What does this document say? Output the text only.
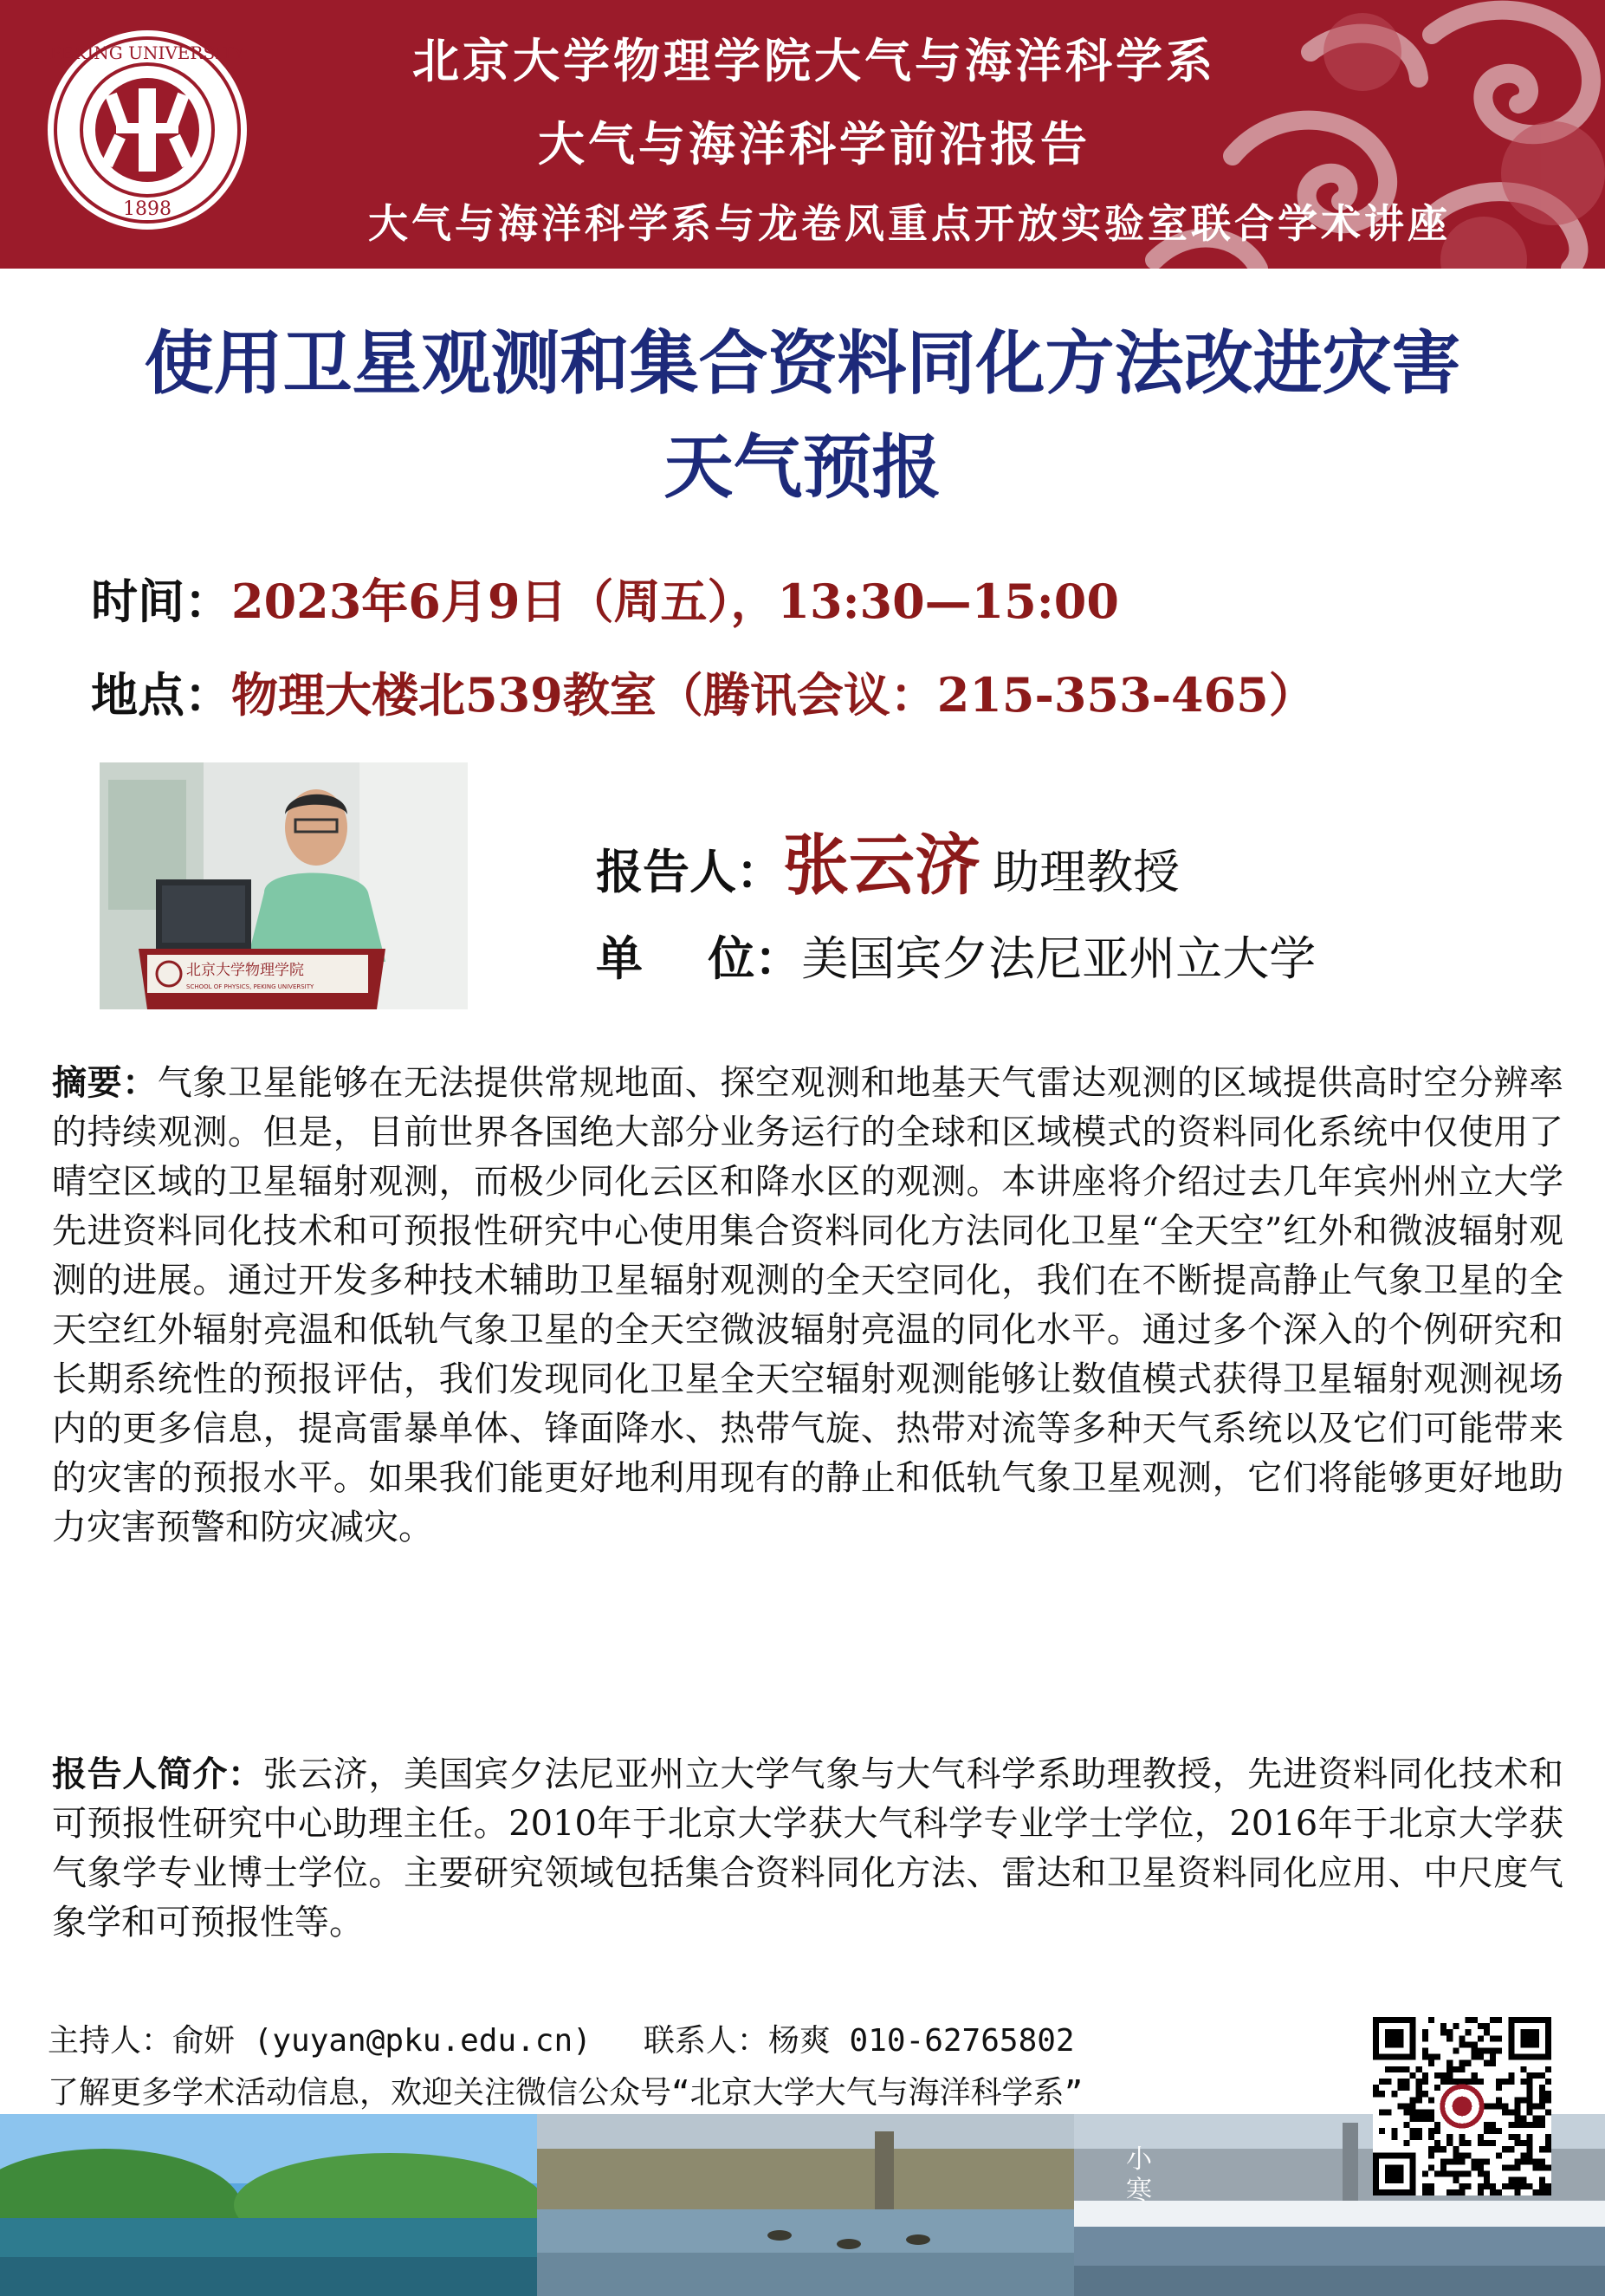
PEKING UNIVERSITY
1898
北京大学物理学院大气与海洋科学系
大气与海洋科学前沿报告
大气与海洋科学系与龙卷风重点开放实验室联合学术讲座
使用卫星观测和集合资料同化方法改进灾害
天气预报
时间：2023年6月9日（周五），13:30—15:00
地点：物理大楼北539教室（腾讯会议：215-353-465）
北京大学物理学院
SCHOOL OF PHYSICS, PEKING UNIVERSITY
报告人：张云济 助理教授
单    位：美国宾夕法尼亚州立大学
摘要：气象卫星能够在无法提供常规地面、探空观测和地基天气雷达观测的区域提供高时空分辨率的持续观测。但是，目前世界各国绝大部分业务运行的全球和区域模式的资料同化系统中仅使用了晴空区域的卫星辐射观测，而极少同化云区和降水区的观测。本讲座将介绍过去几年宾州州立大学先进资料同化技术和可预报性研究中心使用集合资料同化方法同化卫星“全天空”红外和微波辐射观测的进展。通过开发多种技术辅助卫星辐射观测的全天空同化，我们在不断提高静止气象卫星的全天空红外辐射亮温和低轨气象卫星的全天空微波辐射亮温的同化水平。通过多个深入的个例研究和长期系统性的预报评估，我们发现同化卫星全天空辐射观测能够让数值模式获得卫星辐射观测视场内的更多信息，提高雷暴单体、锋面降水、热带气旋、热带对流等多种天气系统以及它们可能带来的灾害的预报水平。如果我们能更好地利用现有的静止和低轨气象卫星观测，它们将能够更好地助力灾害预警和防灾减灾。
报告人简介：张云济，美国宾夕法尼亚州立大学气象与大气科学系助理教授，先进资料同化技术和可预报性研究中心助理主任。2010年于北京大学获大气科学专业学士学位，2016年于北京大学获气象学专业博士学位。主要研究领域包括集合资料同化方法、雷达和卫星资料同化应用、中尺度气象学和可预报性等。
主持人：俞妍 (yuyan@pku.edu.cn) 联系人：杨爽 010-62765802
了解更多学术活动信息，欢迎关注微信公众号“北京大学大气与海洋科学系”
小寒
